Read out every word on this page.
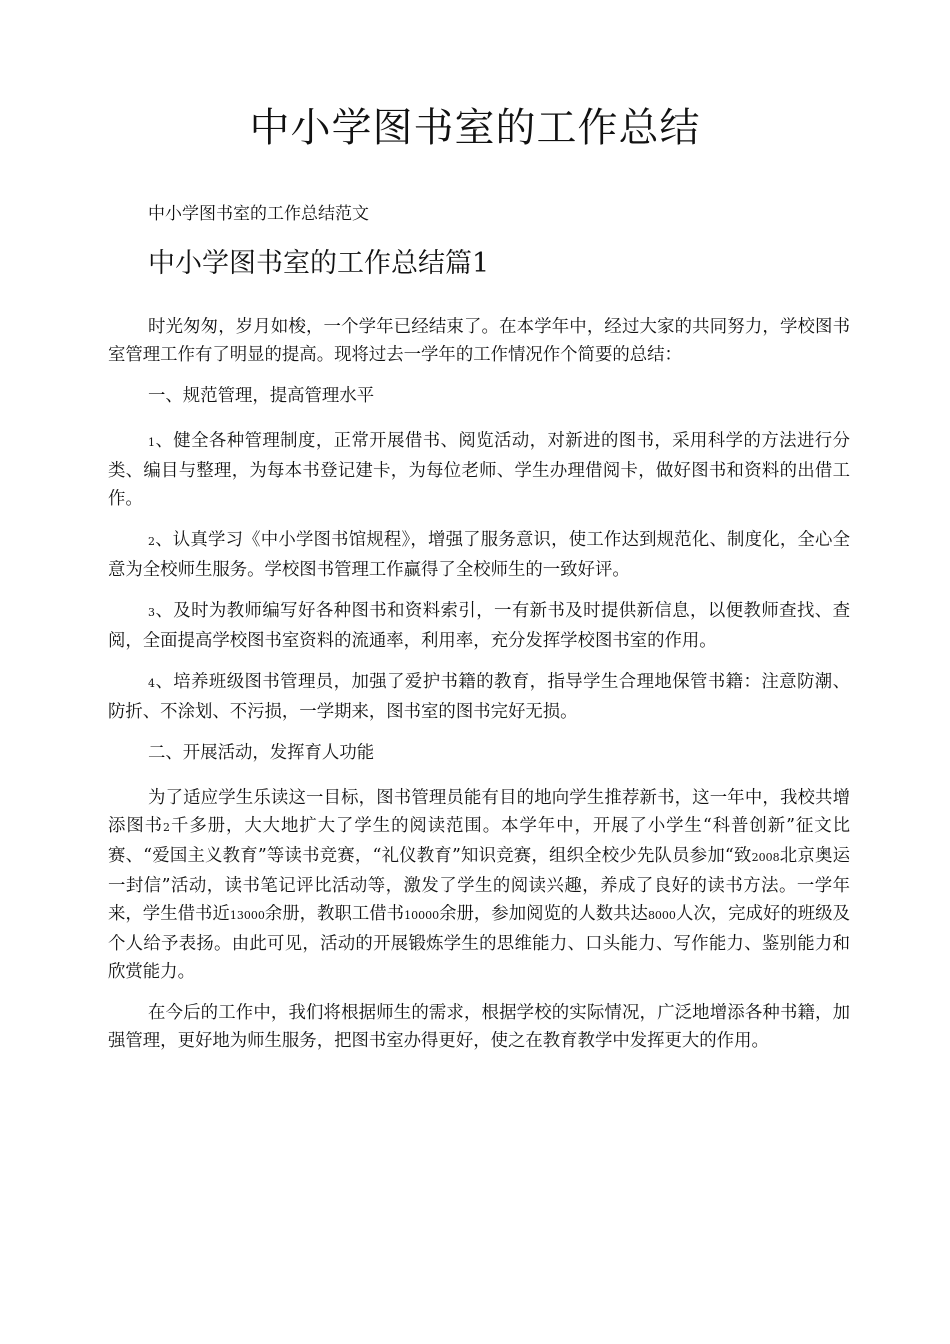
中小学图书室的工作总结
中小学图书室的工作总结范文
中小学图书室的工作总结篇1

时光匆匆，岁月如梭，一个学年已经结束了。在本学年中，经过大家的共同努力，学校图书室管理工作有了明显的提高。现将过去一学年的工作情况作个简要的总结：

一、规范管理，提高管理水平

1、健全各种管理制度，正常开展借书、阅览活动，对新进的图书，采用科学的方法进行分类、编目与整理，为每本书登记建卡，为每位老师、学生办理借阅卡，做好图书和资料的出借工作。

2、认真学习《中小学图书馆规程》，增强了服务意识，使工作达到规范化、制度化，全心全意为全校师生服务。学校图书管理工作赢得了全校师生的一致好评。

3、及时为教师编写好各种图书和资料索引，一有新书及时提供新信息，以便教师查找、查阅，全面提高学校图书室资料的流通率，利用率，充分发挥学校图书室的作用。

4、培养班级图书管理员，加强了爱护书籍的教育，指导学生合理地保管书籍：注意防潮、防折、不涂划、不污损，一学期来，图书室的图书完好无损。

二、开展活动，发挥育人功能

为了适应学生乐读这一目标，图书管理员能有目的地向学生推荐新书，这一年中，我校共增添图书2千多册，大大地扩大了学生的阅读范围。本学年中，开展了小学生“科普创新”征文比赛、“爱国主义教育”等读书竞赛，“礼仪教育”知识竞赛，组织全校少先队员参加“致2008北京奥运一封信”活动，读书笔记评比活动等，激发了学生的阅读兴趣，养成了良好的读书方法。一学年来，学生借书近13000余册，教职工借书10000余册，参加阅览的人数共达8000人次，完成好的班级及个人给予表扬。由此可见，活动的开展锻炼学生的思维能力、口头能力、写作能力、鉴别能力和欣赏能力。

在今后的工作中，我们将根据师生的需求，根据学校的实际情况，广泛地增添各种书籍，加强管理，更好地为师生服务，把图书室办得更好，使之在教育教学中发挥更大的作用。
